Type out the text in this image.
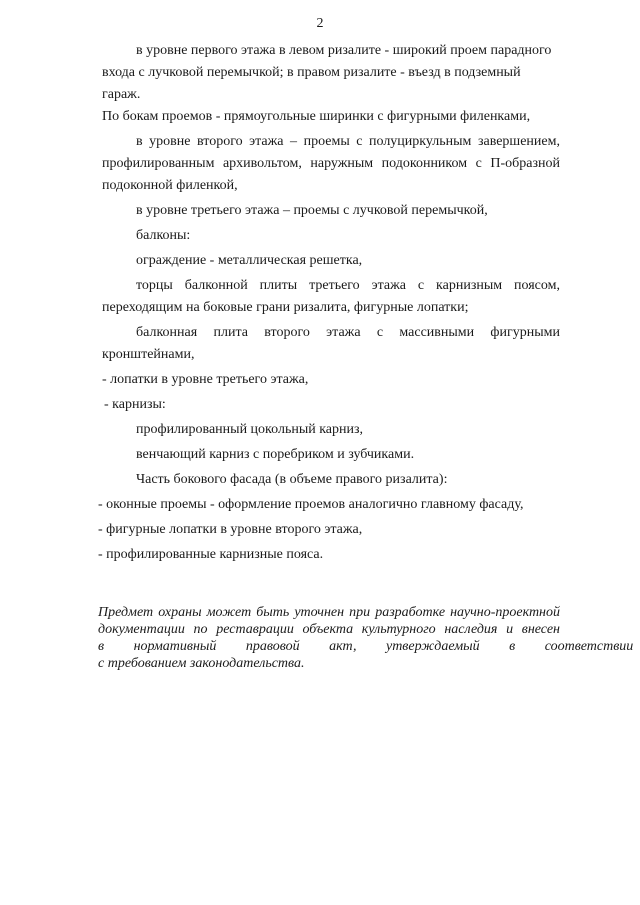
2

в уровне первого этажа в левом ризалите - широкий проем парадного

входа с лучковой перемычкой; в правом ризалите - въезд в подземный гараж.

По бокам проемов - прямоугольные ширинки с фигурными филенками,

в уровне второго этажа – проемы с полуциркульным завершением, профилированным архивольтом, наружным подоконником с П-образной подоконной филенкой,

в уровне третьего этажа – проемы с лучковой перемычкой,

балконы:

ограждение - металлическая решетка,

торцы балконной плиты третьего этажа с карнизным поясом, переходящим на боковые грани ризалита, фигурные лопатки;

балконная плита второго этажа с массивными фигурными кронштейнами,

- лопатки в уровне третьего этажа,

- карнизы:

профилированный цокольный карниз,

венчающий карниз с поребриком и зубчиками.

Часть бокового фасада (в объеме правого ризалита):

- оконные проемы - оформление проемов аналогично главному фасаду,

- фигурные лопатки в уровне второго этажа,

- профилированные карнизные пояса.

Предмет охраны может быть уточнен при разработке научно-проектной
документации по реставрации объекта культурного наследия и внесен
в нормативный правовой акт, утверждаемый в соответствии
с требованием законодательства.
